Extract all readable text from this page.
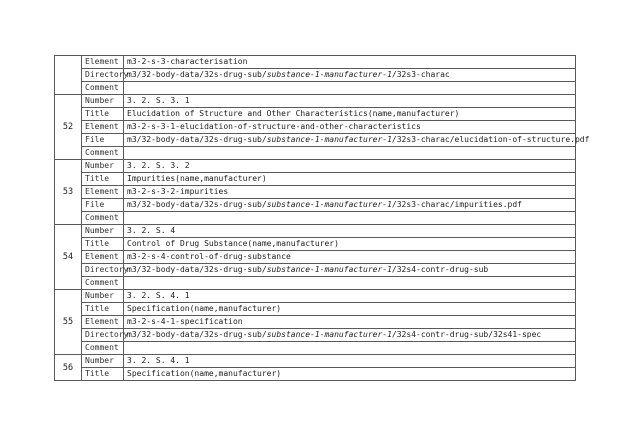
	Element	m3-2-s-3-characterisation
	Directory	m3/32-body-data/32s-drug-sub/substance-1-manufacturer-1/32s3-charac
	Comment	
52	Number	3. 2. S. 3. 1
	Title	Elucidation of Structure and Other Characteristics(name,manufacturer)
	Element	m3-2-s-3-1-elucidation-of-structure-and-other-characteristics
	File	m3/32-body-data/32s-drug-sub/substance-1-manufacturer-1/32s3-charac/elucidation-of-structure.pdf
	Comment	
53	Number	3. 2. S. 3. 2
	Title	Impurities(name,manufacturer)
	Element	m3-2-s-3-2-impurities
	File	m3/32-body-data/32s-drug-sub/substance-1-manufacturer-1/32s3-charac/impurities.pdf
	Comment	
54	Number	3. 2. S. 4
	Title	Control of Drug Substance(name,manufacturer)
	Element	m3-2-s-4-control-of-drug-substance
	Directory	m3/32-body-data/32s-drug-sub/substance-1-manufacturer-1/32s4-contr-drug-sub
	Comment	
55	Number	3. 2. S. 4. 1
	Title	Specification(name,manufacturer)
	Element	m3-2-s-4-1-specification
	Directory	m3/32-body-data/32s-drug-sub/substance-1-manufacturer-1/32s4-contr-drug-sub/32s41-spec
	Comment	
56	Number	3. 2. S. 4. 1
	Title	Specification(name,manufacturer)
